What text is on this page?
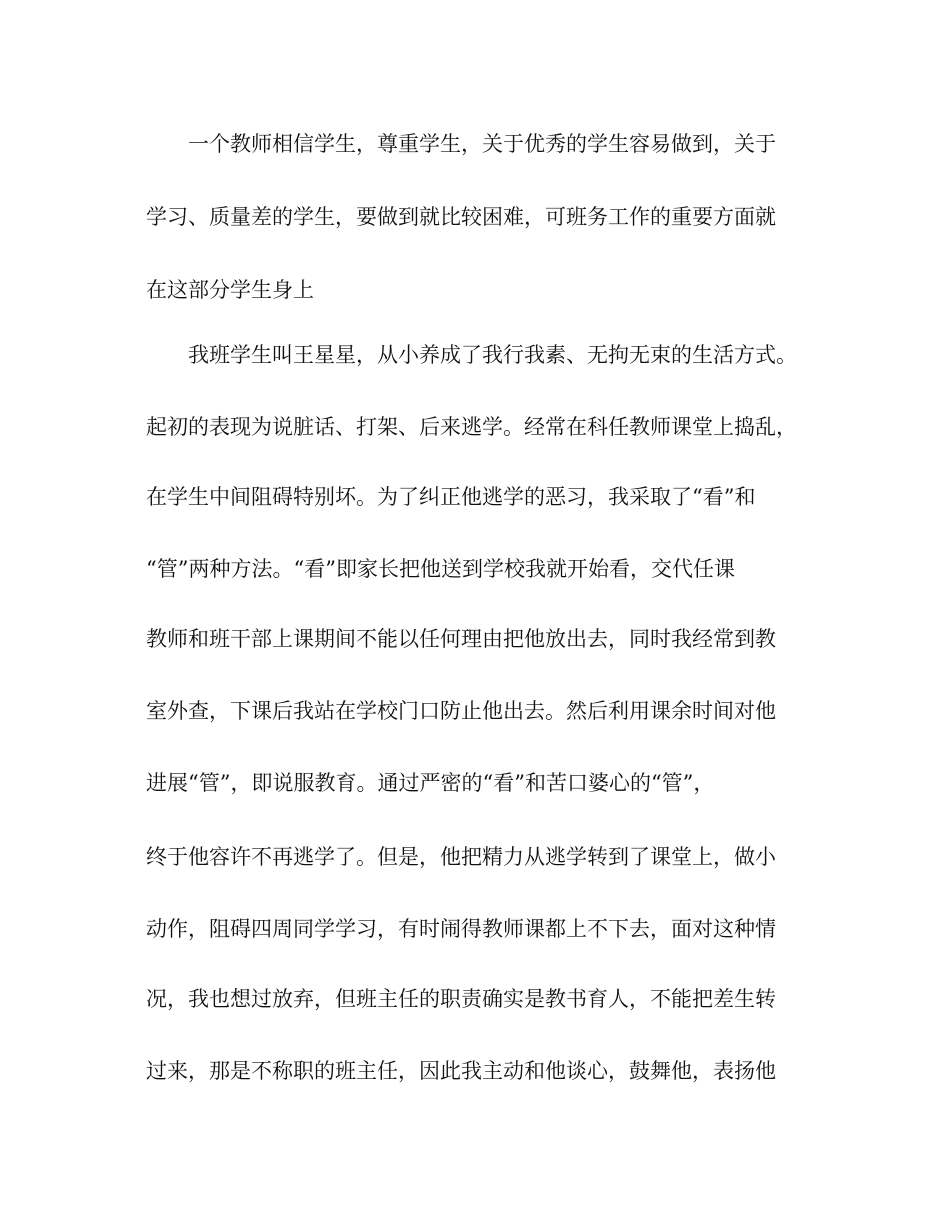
一个教师相信学生，尊重学生，关于优秀的学生容易做到，关于

学习、质量差的学生，要做到就比较困难，可班务工作的重要方面就

在这部分学生身上

我班学生叫王星星，从小养成了我行我素、无拘无束的生活方式。

起初的表现为说脏话、打架、后来逃学。经常在科任教师课堂上捣乱，

在学生中间阻碍特别坏。为了纠正他逃学的恶习，我采取了“看”和

“管”两种方法。“看”即家长把他送到学校我就开始看，交代任课

教师和班干部上课期间不能以任何理由把他放出去，同时我经常到教

室外查，下课后我站在学校门口防止他出去。然后利用课余时间对他

进展“管”，即说服教育。通过严密的“看”和苦口婆心的“管”，

终于他容许不再逃学了。但是，他把精力从逃学转到了课堂上，做小

动作，阻碍四周同学学习，有时闹得教师课都上不下去，面对这种情

况，我也想过放弃，但班主任的职责确实是教书育人，不能把差生转

过来，那是不称职的班主任，因此我主动和他谈心，鼓舞他，表扬他
